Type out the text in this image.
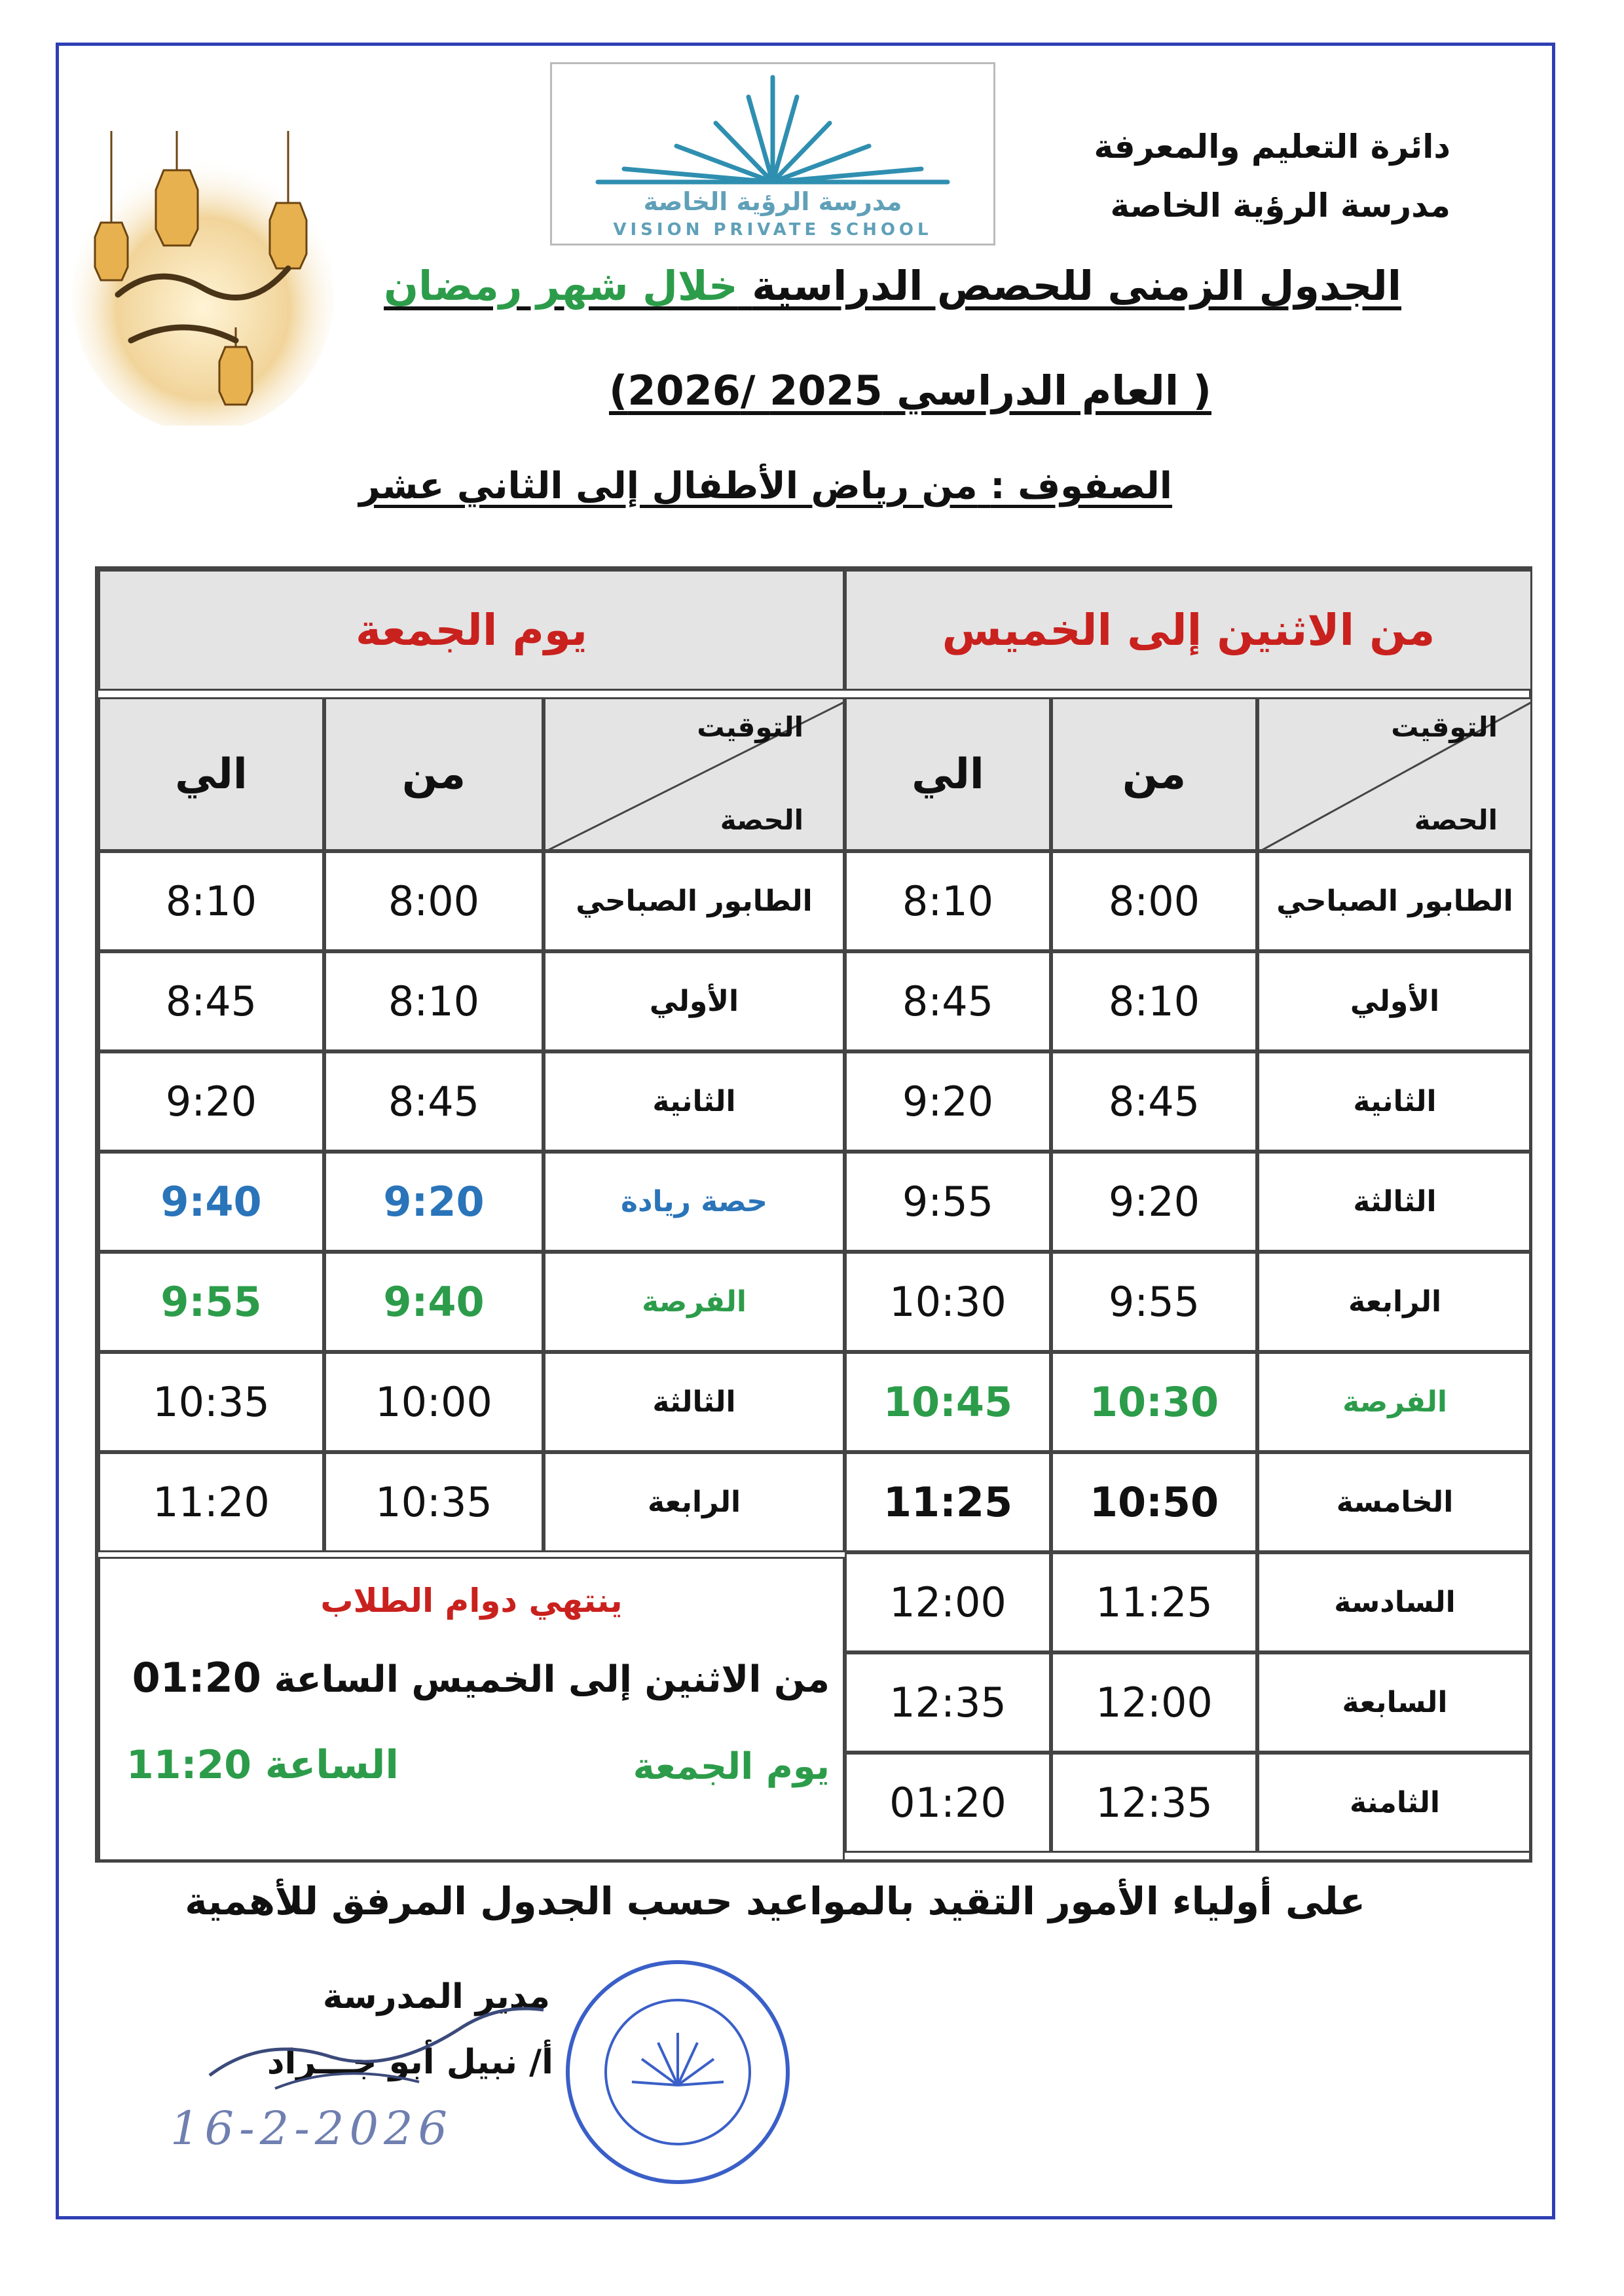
دائرة التعليم والمعرفة
مدرسة الرؤية الخاصة
مدرسة الرؤية الخاصة
VISION PRIVATE SCHOOL
الجدول الزمنى للحصص الدراسية خلال شهر رمضان
( العام الدراسي 2025 /2026)
الصفوف : من رياض الأطفال إلى الثاني عشر
من الاثنين إلى الخميس
يوم الجمعة
التوقيت
الحصة
من
الي
التوقيت
الحصة
من
الي
الطابور الصباحي
8:00
8:10
الأولي
8:10
8:45
الثانية
8:45
9:20
الثالثة
9:20
9:55
الرابعة
9:55
10:30
الفرصة
10:30
10:45
الخامسة
10:50
11:25
السادسة
11:25
12:00
السابعة
12:00
12:35
الثامنة
12:35
01:20
الطابور الصباحي
8:00
8:10
الأولي
8:10
8:45
الثانية
8:45
9:20
حصة ريادة
9:20
9:40
الفرصة
9:40
9:55
الثالثة
10:00
10:35
الرابعة
10:35
11:20
ينتهي دوام الطلاب
من الاثنين إلى الخميس الساعة 01:20
يوم الجمعة
الساعة 11:20
على أولياء الأمور التقيد بالمواعيد حسب الجدول المرفق للأهمية
مدير المدرسة
أ/ نبيل أبو جـــراد
16-2-2026
